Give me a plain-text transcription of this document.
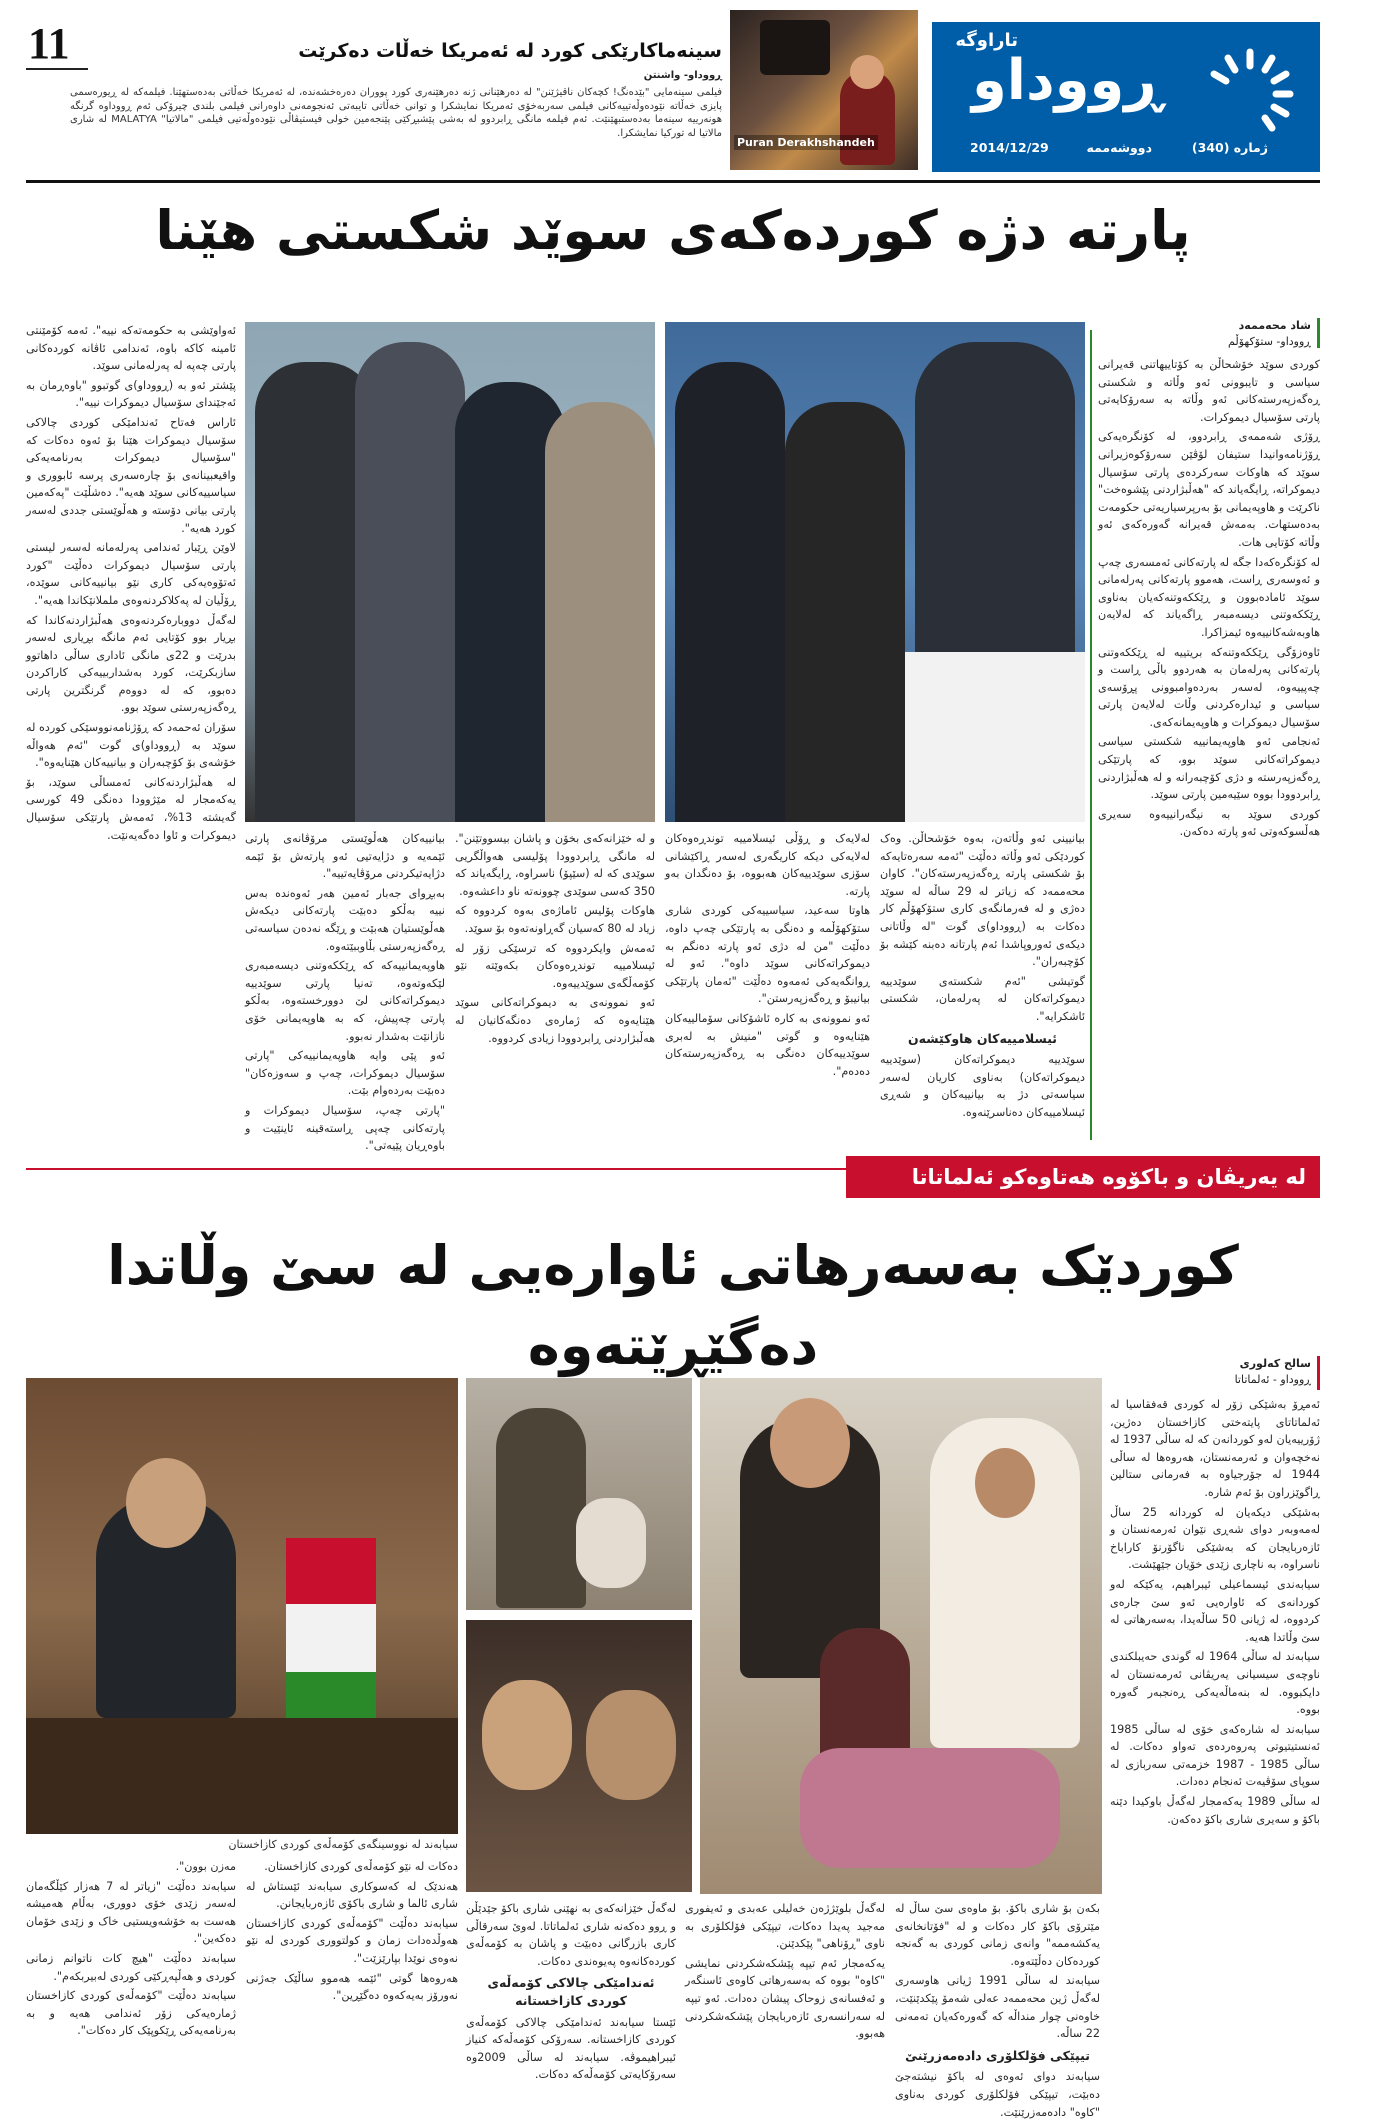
11
Puran Derakhshandeh
سینەماکارێکی کورد لە ئەمریکا خەڵات دەکرێت
ڕووداو- واشنتن
فیلمی سینەمایی "بێدەنگ! کچەکان ناقیژێنن" لە دەرهێنانی ژنە دەرهێنەری کورد پووران دەرەخشەندە، لە ئەمریکا خەڵاتی بەدەستهێنا. فیلمەکە لە ڕیورەسمی پایزی خەڵاتە نێودەوڵەتییەکانی فیلمی سەربەخۆی ئەمریکا نمایشکرا و توانی خەڵاتی تایبەتی ئەنجومەنی داوەرانی فیلمی بلندی چیرۆکی ئەم ڕووداوە گرنگە هونەرییە سینەما بەدەستبهێنێت. ئەم فیلمە مانگی ڕابردوو لە بەشی پێشبڕکێی پێنجەمین خولی فیستیڤاڵی نێودەوڵەتیی فیلمی "مالاتیا" MALATYA لە شاری مالاتیا لە تورکیا نمایشکرا.
ڕووداو
تاراوگە
ژمارە (340)
دووشەممە
2014/12/29
پارتە دژە کوردەکەی سوێد شکستی هێنا
شاد محەممەد
ڕووداو- ستۆکهۆڵم

کوردی سوێد خۆشحاڵن بە کۆتاییهاتنی قەیرانی سیاسی و تایبوونی ئەو وڵاتە و شکستی ڕەگەزپەرستەکانی ئەو وڵاتە بە سەرۆکایەتی پارتی سۆسیال دیموکرات.

ڕۆژی شەممەی ڕابردوو، لە کۆنگرەیەکی ڕۆژنامەوانیدا ستیفان لۆڤێن سەرۆکوەزیرانی سوێد کە هاوکات سەرکردەی پارتی سۆسیال دیموکراتە، ڕایگەیاند کە "هەڵبژاردنی پێشوەخت" ناکرێت و هاوپەیمانی بۆ بەرپرسیاریەتی حکومەت بەدەستهات. بەمەش قەیرانە گەورەکەی ئەو وڵاتە کۆتایی هات.

لە کۆنگرەکەدا جگە لە پارتەکانی ئەمسەری چەپ و ئەوسەری ڕاست، هەموو پارتەکانی پەرلەمانی سوێد ئامادەبوون و ڕێککەوتنەکەیان بەناوی ڕێککەوتنی دیسەمبەر ڕاگەیاند کە لەلایەن هاوبەشەکانییەوە ئیمزاکرا.

ئاوەزۆگی ڕێککەوتنەکە بریتییە لە ڕێککەوتنی پارتەکانی پەرلەمان بە هەردوو باڵی ڕاست و چەپییەوە، لەسەر بەردەوامبوونی پڕۆسەی سیاسی و ئیدارەکردنی وڵات لەلایەن پارتی سۆسیال دیموکرات و هاوپەیمانەکەی.

ئەنجامی ئەو هاوپەیمانییە شکستی سیاسی دیموکراتەکانی سوێد بوو، کە پارتێکی ڕەگەزپەرستە و دژی کۆچبەرانە و لە هەڵبژاردنی ڕابردوودا بووە سێیەمین پارتی سوێد.

کوردی سوێد بە نیگەرانییەوە سەیری هەڵسوکەوتی ئەو پارتە دەکەن.

بیانیینی ئەو وڵاتەن، بەوە خۆشحاڵن. وەک کوردێکی ئەو وڵاتە دەڵێت "ئەمە سەرەتایەکە بۆ شکستی پارتە ڕەگەزپەرستەکان". کاوان محەممەد کە زیاتر لە 29 ساڵە لە سوێد دەژی و لە فەرمانگەی کاری ستۆکهۆڵم کار دەکات بە (ڕووداو)ی گوت "لە وڵاتانی دیکەی ئەوروپاشدا ئەم پارتانە دەبنە کێشە بۆ کۆچبەران".

گوتیشی "ئەم شکستەی سوێدییە دیموکراتەکان لە پەرلەمان، شکستی ئاشکرایە".

ئیسلامییەکان هاوکێشەن

سوێدییە دیموکراتەکان (سوێدییە دیموکراتەکان) بەناوی کاریان لەسەر سیاسەتی دژ بە بیانییەکان و شەڕی ئیسلامییەکان دەناسرێنەوە.

لەلایەک و ڕۆڵی ئیسلامییە توندڕەوەکان لەلایەکی دیکە کاریگەری لەسەر ڕاکێشانی سۆزی سوێدییەکان هەبووە، بۆ دەنگدان بەو پارتە.

هاوتا سەعید، سیاسییەکی کوردی شاری ستۆکهۆڵمە و دەنگی بە پارتێکی چەپ داوە، دەڵێت "من لە دژی ئەو پارتە دەنگم بە دیموکراتەکانی سوێد داوە". ئەو لە ڕوانگەیەکی ئەمەوە دەڵێت "ئەمان پارتێکی بیانیبۆ و ڕەگەزپەرستن".

ئەو نموونەی بە کارە ئاشۆکانی سۆمالییەکان هێنایەوە و گوتی "منیش بە لەبری سوێدییەکان دەنگی بە ڕەگەزپەرستەکان دەدەم".

و لە خێزانەکەی بخۆن و پاشان بیسووتێنن". لە مانگی ڕابردوودا پۆلیسی هەواڵگریی سوێدی کە لە (سێپۆ) ناسراوە، ڕایگەیاند کە 350 کەسی سوێدی چوونەتە ناو داعشەوە.

هاوکات پۆلیس ئاماژەی بەوە کردووە کە زیاد لە 80 کەسیان گەڕاونەتەوە بۆ سوێد.

ئەمەش وایکردووە کە ترسێکی زۆر لە ئیسلامییە توندڕەوەکان بکەوێتە نێو کۆمەڵگەی سوێدییەوە.

ئەو نموونەی بە دیموکراتەکانی سوێد هێنایەوە کە ژمارەی دەنگەکانیان لە هەڵبژاردنی ڕابردوودا زیادی کردووە.

بیانییەکان هەڵوێستی مرۆڤانەی پارتی ئێمەیە و دژایەتیی ئەو پارتەش بۆ ئێمە دژایەتیکردنی مرۆڤایەتییە".

بەبڕوای جەبار ئەمین هەر ئەوەندە بەس نییە بەڵکو دەبێت پارتەکانی دیکەش هەڵوێستیان هەبێت و ڕێگە نەدەن سیاسەتی ڕەگەزپەرستی بڵاوببێتەوە.

هاوپەیمانییەکە کە ڕێککەوتنی دیسەمبەری لێکەوتەوە، تەنیا پارتی سوێدییە دیموکراتەکانی لێ دوورخستەوە، بەڵکو پارتی چەپیش، کە بە هاوپەیمانی خۆی نازانێت بەشدار نەبوو.

ئەو پێی وایە هاوپەیمانییەکی "پارتی سۆسیال دیموکرات، چەپ و سەوزەکان" دەبێت بەردەوام بێت.

"پارتی چەپ، سۆسیال دیموکرات و پارتەکانی چەپی ڕاستەقینە ئاینێیت و باوەڕیان پێیەتی".

ئەواوێشی بە حکومەتەکە نییە". ئەمە کۆمێنتی ئامینە کاکە باوە، ئەندامی ئاڤانە کوردەکانی پارتی چەپە لە پەرلەمانی سوێد.

پێشتر ئەو بە (ڕووداو)ی گوتبوو "باوەڕمان بە ئەجێندای سۆسیال دیموکرات نییە".

ئاراس فەتاح ئەندامێکی کوردی چالاکی سۆسیال دیموکرات هێنا بۆ ئەوە دەکات کە "سۆسیال دیموکرات بەرنامەیەکی واقیعبینانەی بۆ چارەسەری پرسە ئابووری و سیاسییەکانی سوێد هەیە". دەشڵێت "پەکەمین پارتی بیانی دۆستە و هەڵوێستی جددی لەسەر کورد هەیە".

لاوێن ڕێبار ئەندامی پەرلەمانە لەسەر لیستی پارتی سۆسیال دیموکرات دەڵێت "کورد ئەتۆوەیەکی کاری نێو بیانییەکانی سوێدە، ڕۆڵیان لە پەکلاکردنەوەی ململانێکاندا هەیە".

لەگەڵ دووبارەکردنەوەی هەڵبژاردنەکاندا کە بڕیار بوو کۆتایی ئەم مانگە بڕیاری لەسەر بدرێت و 22ی مانگی ئاداری ساڵی داهاتوو سازبکرێت، کورد بەشداربییەکی کاراکردن دەبوو، کە لە دووەم گرنگترین پارتی ڕەگەزپەرستی سوێد بوو.

سۆران ئەحمەد کە ڕۆژنامەنووسێکی کوردە لە سوێد بە (ڕووداو)ی گوت "ئەم هەواڵە خۆشەی بۆ کۆچبەران و بیانییەکان هێنایەوە".

لە هەڵبژاردنەکانی ئەمساڵی سوێد، بۆ یەکەمجار لە مێژوودا دەنگی 49 کورسی گەیشتە 13%، ئەمەش پارتێکی سۆسیال دیموکرات و ئاوا دەگەیەنێت.

لە یەریڤان و باکۆوە هەتاوەکو ئەلماتاتا
کوردێک بەسەرهاتی ئاوارەیی لە سێ وڵاتدا دەگێڕێتەوە	سالح کەلوری
ڕووداو - ئەلماتاتا

ئەمڕۆ بەشێکی زۆر لە کوردی قەفقاسیا لە ئەلماتاتای پایتەختی کازاخستان دەژین، ژۆرییەیان لەو کوردانەن کە لە ساڵی 1937 لە نەخچەوان و ئەرمەنستان، هەروەها لە ساڵی 1944 لە جۆرجیاوە بە فەرمانی ستالین ڕاگوێزراون بۆ ئەم شارە.

بەشێکی دیکەیان لە کوردانە 25 ساڵ لەمەوبەر دوای شەڕی نێوان ئەرمەنستان و ئازەربایجان کە بەشێکی ناگۆرنۆ کاراباخ ناسراوە، بە ناچاری زێدی خۆیان جێهێشت.

سیابەندی ئیسماعیلی ئیبراهیم، یەکێکە لەو کوردانەی کە ئاوارەیی ئەو سێ جارەی کردووە، لە ژیانی 50 ساڵەیدا، بەسەرهاتی لە سێ وڵاتدا هەیە.

سیابەند لە ساڵی 1964 لە گوندی حەیبلکندی ناوچەی سیسیانی یەریڤانی ئەرمەنستان لە دایکبووە. لە بنەماڵەیەکی ڕەنجبەر گەورە بووە.

سیابەند لە شارەکەی خۆی لە ساڵی 1985 ئەنستیتیوتی پەروەردەی تەواو دەکات. لە ساڵی 1985 - 1987 خزمەتی سەربازی لە سوپای سۆڤیەت ئەنجام دەدات.

لە ساڵی 1989 یەکەمجار لەگەڵ باوکیدا دێنە باکۆ و سەیری شاری باکۆ دەکەن.

بکەن بۆ شاری باکۆ. بۆ ماوەی سێ ساڵ لە مێترۆی باکۆ کار دەکات و لە "فۆتانخانەی یەکشەممە" وانەی زمانی کوردی بە گەنجە کوردەکان دەڵێتەوە.

سیابەند لە ساڵی 1991 ژیانی هاوسەری لەگەڵ ژین محەممەد عەلی شەمۆ پێکدێنێت، خاوەنی چوار منداڵە کە گەورەکەیان تەمەنی 22 ساڵە.

تیپێکی فۆلکلۆری دادەمەزرێنێ

سیابەند دوای ئەوەی لە باکۆ نیشتەجێ دەبێت، تیپێکی فۆلکلۆری کوردی بەناوی "کاوە" دادەمەزرێنێت.

لەگەڵ بلوێژژەن خەلیلی عەبدی و ئەیفوری مەجید پەیدا دەکات، تیپێکی فۆلکلۆری بە ناوی "ڕۆناهی" پێکدێنن.

یەکەمجار ئەم تیپە پێشکەشکردنی نمایشی "کاوە" بووە کە بەسەرهاتی کاوەی ئاسنگەر و ئەفسانەی زوحاک پیشان دەدات. ئەو تیپە لە سەرانسەری ئازەربایجان پێشکەشکردنی هەبوو.

لەگەڵ خێزانەکەی بە نهێنی شاری باکۆ جێدێڵن و ڕوو دەکەنە شاری ئەلماتاتا. لەوێ سەرقاڵی کاری بازرگانی دەبێت و پاشان بە کۆمەڵەی کوردەکانەوە پەیوەندی دەکات.

ئەندامێکی چالاکی کۆمەڵەی کوردی کازاخستانە

ئێستا سیابەند ئەندامێکی چالاکی کۆمەڵەی کوردی کازاخستانە. سەرۆکی کۆمەڵەکە کنیاز ئیبراهیموڤە. سیابەند لە ساڵی 2009وە سەرۆکایەتی کۆمەڵەکە دەکات.

سیابەند لە نووسینگەی کۆمەڵەی کوردی کازاخستان

دەکات لە نێو کۆمەڵەی کوردی کازاخستان.

هەندێک لە کەسوکاری سیابەند ئێستاش لە شاری ئالما و شاری باکۆی ئازەربایجانن.

سیابەند دەڵێت "کۆمەڵەی کوردی کازاخستان هەوڵدەدات زمان و کولتووری کوردی لە نێو نەوەی نوێدا بپارێزێت".

هەروەها گوتی "ئێمە هەموو ساڵێک جەژنی نەورۆز بەیەکەوە دەگێڕین".

مەزن بوون".

سیابەند دەڵێت "زیاتر لە 7 هەزار کێڵگەمان لەسەر زێدی خۆی دووری، بەڵام هەمیشە هەست بە خۆشەویستیی خاک و زێدی خۆمان دەکەین".

سیابەند دەڵێت "هیچ کات ناتوانم زمانی کوردی و هەڵپەڕکێی کوردی لەبیربکەم".

سیابەند دەڵێت "کۆمەڵەی کوردی کازاخستان ژمارەیەکی زۆر ئەندامی هەیە و بە بەرنامەیەکی ڕێکوپێک کار دەکات".
